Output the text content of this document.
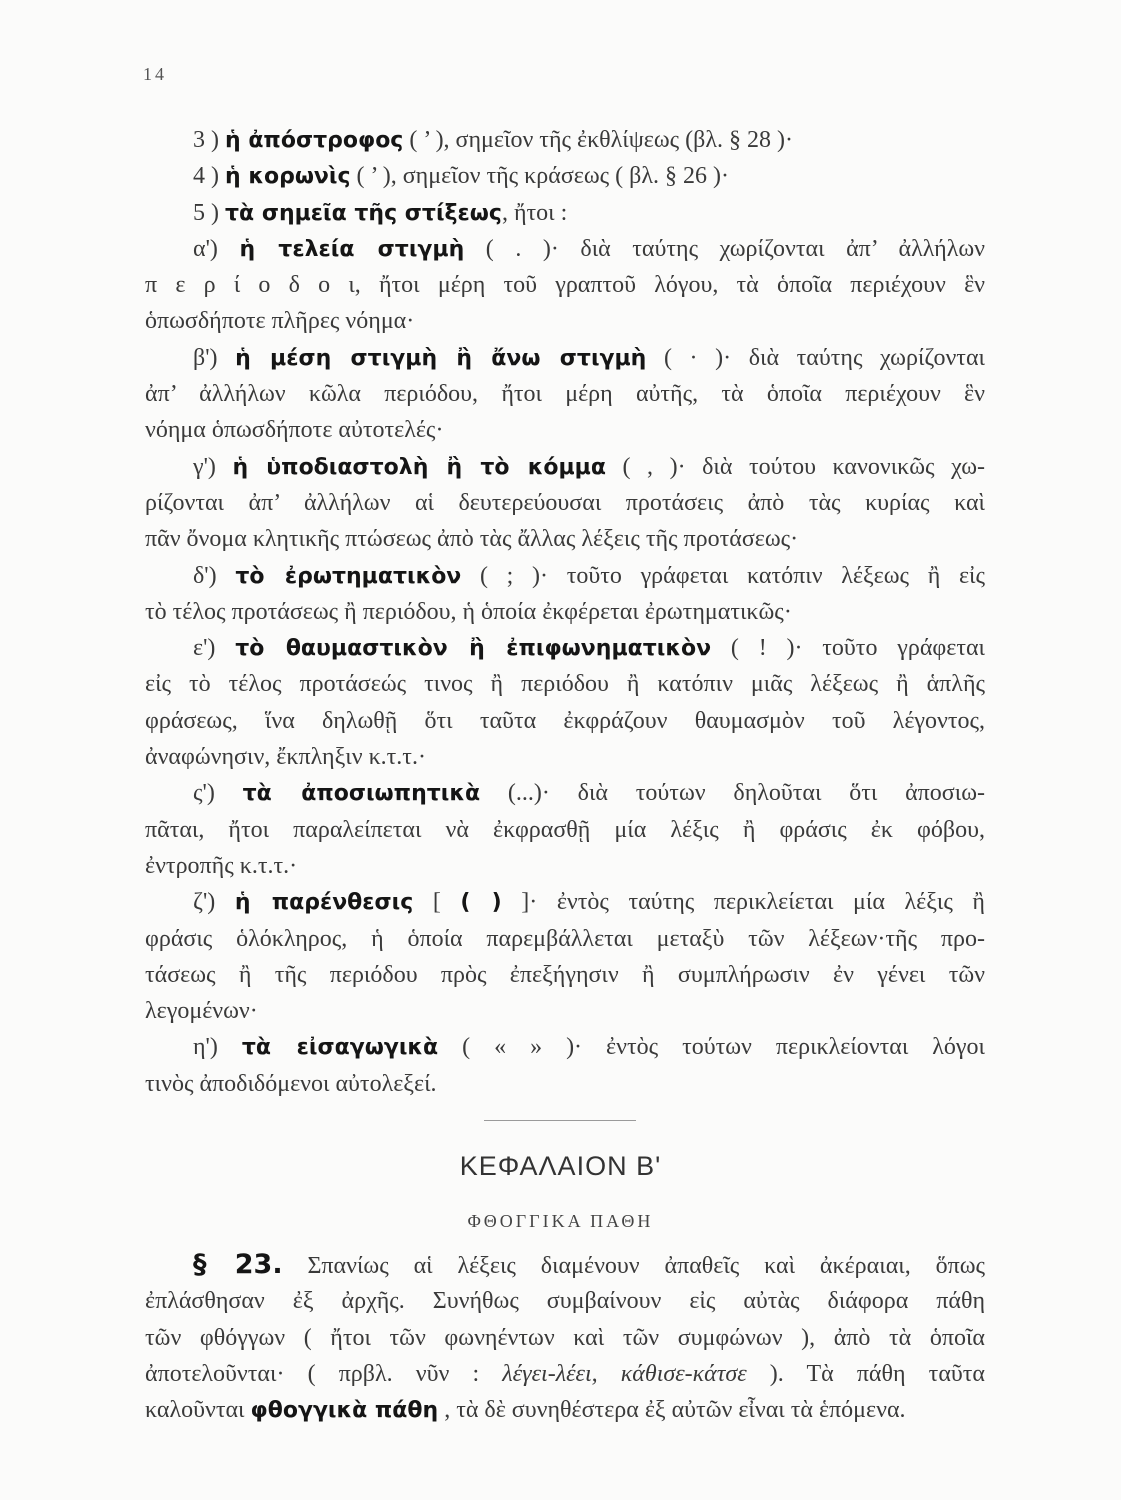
14
3 ) ἡ ἀπόστροφος ( ’ ), σημεῖον τῆς ἐκθλίψεως (βλ. § 28 )·
4 ) ἡ κορωνὶς ( ’ ), σημεῖον τῆς κράσεως ( βλ. § 26 )·
5 ) τὰ σημεῖα τῆς στίξεως, ἤτοι :
α') ἡ τελεία στιγμὴ ( . )· διὰ ταύτης χωρίζονται ἀπ’ ἀλλήλων
π ε ρ ί ο δ ο ι, ἤτοι μέρη τοῦ γραπτοῦ λόγου, τὰ ὁποῖα περιέχουν ἓν
ὁπωσδήποτε πλῆρες νόημα·
β') ἡ μέση στιγμὴ ἢ ἄνω στιγμὴ ( · )· διὰ ταύτης χωρίζονται
ἀπ’ ἀλλήλων κῶλα περιόδου, ἤτοι μέρη αὐτῆς, τὰ ὁποῖα περιέχουν ἓν
νόημα ὁπωσδήποτε αὐτοτελές·
γ') ἡ ὑποδιαστολὴ ἢ τὸ κόμμα ( , )· διὰ τούτου κανονικῶς χω-
ρίζονται ἀπ’ ἀλλήλων αἱ δευτερεύουσαι προτάσεις ἀπὸ τὰς κυρίας καὶ
πᾶν ὄνομα κλητικῆς πτώσεως ἀπὸ τὰς ἄλλας λέξεις τῆς προτάσεως·
δ') τὸ ἐρωτηματικὸν ( ; )· τοῦτο γράφεται κατόπιν λέξεως ἢ εἰς
τὸ τέλος προτάσεως ἢ περιόδου, ἡ ὁποία ἐκφέρεται ἐρωτηματικῶς·
ε') τὸ θαυμαστικὸν ἢ ἐπιφωνηματικὸν ( ! )· τοῦτο γράφεται
εἰς τὸ τέλος προτάσεώς τινος ἢ περιόδου ἢ κατόπιν μιᾶς λέξεως ἢ ἁπλῆς
φράσεως, ἵνα δηλωθῇ ὅτι ταῦτα ἐκφράζουν θαυμασμὸν τοῦ λέγοντος,
ἀναφώνησιν, ἔκπληξιν κ.τ.τ.·
ς') τὰ ἀποσιωπητικὰ (...)· διὰ τούτων δηλοῦται ὅτι ἀποσιω-
πᾶται, ἤτοι παραλείπεται νὰ ἐκφρασθῇ μία λέξις ἢ φράσις ἐκ φόβου,
ἐντροπῆς κ.τ.τ.·
ζ') ἡ παρένθεσις [ ( ) ]· ἐντὸς ταύτης περικλείεται μία λέξις ἢ
φράσις ὁλόκληρος, ἡ ὁποία παρεμβάλλεται μεταξὺ τῶν λέξεων·τῆς προ-
τάσεως ἢ τῆς περιόδου πρὸς ἐπεξήγησιν ἢ συμπλήρωσιν ἐν γένει τῶν
λεγομένων·
η') τὰ εἰσαγωγικὰ ( « » )· ἐντὸς τούτων περικλείονται λόγοι
τινὸς ἀποδιδόμενοι αὐτολεξεί.
ΚΕΦΑΛΑΙΟΝ Β'
ΦΘΟΓΓΙΚΑ ΠΑΘΗ
§ 23. Σπανίως αἱ λέξεις διαμένουν ἀπαθεῖς καὶ ἀκέραιαι, ὅπως
ἐπλάσθησαν ἐξ ἀρχῆς. Συνήθως συμβαίνουν εἰς αὐτὰς διάφορα πάθη
τῶν φθόγγων ( ἤτοι τῶν φωνηέντων καὶ τῶν συμφώνων ), ἀπὸ τὰ ὁποῖα
ἀποτελοῦνται· ( πρβλ. νῦν : λέγει-λέει, κάθισε-κάτσε ). Τὰ πάθη ταῦτα
καλοῦνται φθογγικὰ πάθη , τὰ δὲ συνηθέστερα ἐξ αὐτῶν εἶναι τὰ ἑπόμενα.
